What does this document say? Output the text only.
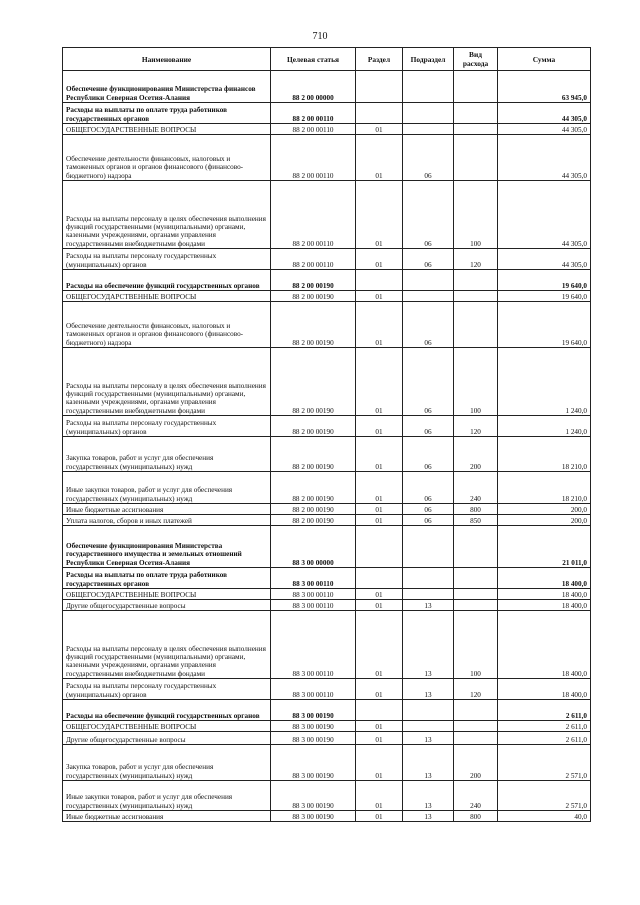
710
Наименование	Целевая статья	Раздел	Подраздел	Вид расхода	Сумма
Обеспечение функционирования Министерства финансов Республики Северная Осетия-Алания	88 2 00 00000				63 945,0
Расходы на выплаты по оплате труда работников государственных органов	88 2 00 00110				44 305,0
ОБЩЕГОСУДАРСТВЕННЫЕ ВОПРОСЫ	88 2 00 00110	01			44 305,0
Обеспечение деятельности финансовых, налоговых и таможенных органов и органов финансового (финансово-бюджетного) надзора	88 2 00 00110	01	06		44 305,0
Расходы на выплаты персоналу в целях обеспечения выполнения функций государственными (муниципальными) органами, казенными учреждениями, органами управления государственными внебюджетными фондами	88 2 00 00110	01	06	100	44 305,0
Расходы на выплаты персоналу государственных (муниципальных) органов	88 2 00 00110	01	06	120	44 305,0
Расходы на обеспечение функций государственных органов	88 2 00 00190				19 640,0
ОБЩЕГОСУДАРСТВЕННЫЕ ВОПРОСЫ	88 2 00 00190	01			19 640,0
Обеспечение деятельности финансовых, налоговых и таможенных органов и органов финансового (финансово-бюджетного) надзора	88 2 00 00190	01	06		19 640,0
Расходы на выплаты персоналу в целях обеспечения выполнения функций государственными (муниципальными) органами, казенными учреждениями, органами управления государственными внебюджетными фондами	88 2 00 00190	01	06	100	1 240,0
Расходы на выплаты персоналу государственных (муниципальных) органов	88 2 00 00190	01	06	120	1 240,0
Закупка товаров, работ и услуг для обеспечения государственных (муниципальных) нужд	88 2 00 00190	01	06	200	18 210,0
Иные закупки товаров, работ и услуг для обеспечения государственных (муниципальных) нужд	88 2 00 00190	01	06	240	18 210,0
Иные бюджетные ассигнования	88 2 00 00190	01	06	800	200,0
Уплата налогов, сборов и иных платежей	88 2 00 00190	01	06	850	200,0
Обеспечение функционирования Министерства государственного имущества и земельных отношений Республики Северная Осетия-Алания	88 3 00 00000				21 011,0
Расходы на выплаты по оплате труда работников государственных органов	88 3 00 00110				18 400,0
ОБЩЕГОСУДАРСТВЕННЫЕ ВОПРОСЫ	88 3 00 00110	01			18 400,0
Другие общегосударственные вопросы	88 3 00 00110	01	13		18 400,0
Расходы на выплаты персоналу в целях обеспечения выполнения функций государственными (муниципальными) органами, казенными учреждениями, органами управления государственными внебюджетными фондами	88 3 00 00110	01	13	100	18 400,0
Расходы на выплаты персоналу государственных (муниципальных) органов	88 3 00 00110	01	13	120	18 400,0
Расходы на обеспечение функций государственных органов	88 3 00 00190				2 611,0
ОБЩЕГОСУДАРСТВЕННЫЕ ВОПРОСЫ	88 3 00 00190	01			2 611,0
Другие общегосударственные вопросы	88 3 00 00190	01	13		2 611,0
Закупка товаров, работ и услуг для обеспечения государственных (муниципальных) нужд	88 3 00 00190	01	13	200	2 571,0
Иные закупки товаров, работ и услуг для обеспечения государственных (муниципальных) нужд	88 3 00 00190	01	13	240	2 571,0
Иные бюджетные ассигнования	88 3 00 00190	01	13	800	40,0
